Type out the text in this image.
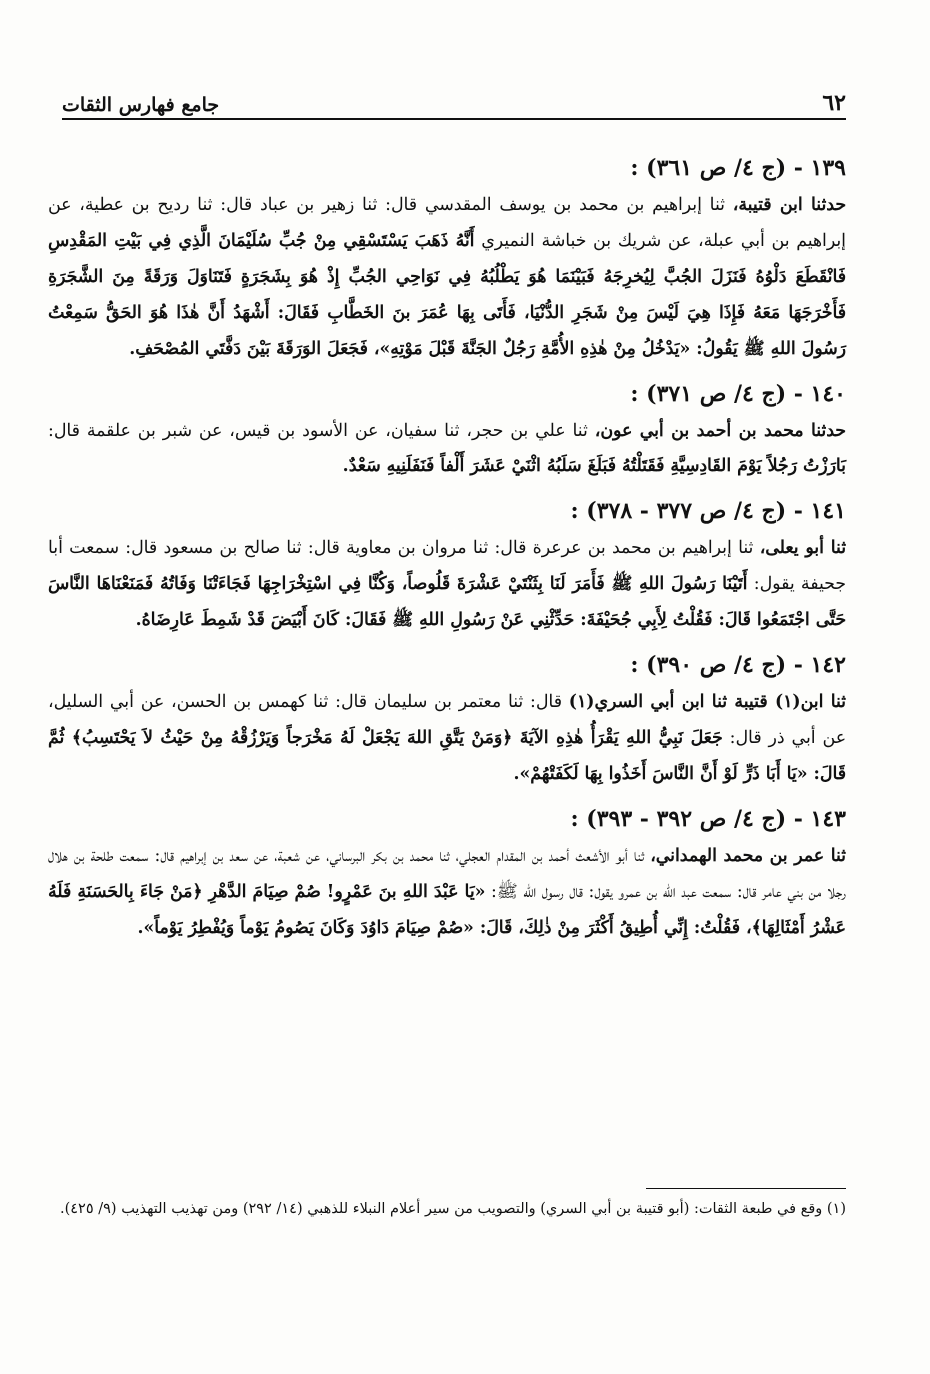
٦٢
جامع فهارس الثقات
١٣٩ - (ج ٤/ ص ٣٦١) :
حدثنا ابن قتيبة، ثنا إبراهيم بن محمد بن يوسف المقدسي قال: ثنا زهير بن عباد قال: ثنا رديح بن عطية، عن إبراهيم بن أبي عبلة، عن شريك بن خباشة النميري أَنَّهُ ذَهَبَ يَسْتَسْقِي مِنْ جُبِّ سُلَيْمَانَ الَّذِي فِي بَيْتِ المَقْدِسِ فَانْقَطَعَ دَلْوُهُ فَنَزَلَ الجُبَّ لِيُخرِجَهُ فَبَيْنَمَا هُوَ يَطْلُبُهُ فِي نَوَاحِي الجُبِّ إِذْ هُوَ بِشَجَرَةٍ فَتَنَاوَلَ وَرَقَةً مِنَ الشَّجَرَةِ فَأَخْرَجَهَا مَعَهُ فَإِذَا هِيَ لَيْسَ مِنْ شَجَرِ الدُّنْيَا، فَأَتَى بِهَا عُمَرَ بنَ الخَطَّابِ فَقَالَ: أَشْهَدُ أَنَّ هٰذَا هُوَ الحَقُّ سَمِعْتُ رَسُولَ اللهِ ﷺ يَقُولُ: «يَدْخُلُ مِنْ هٰذِهِ الأُمَّةِ رَجُلٌ الجَنَّةَ قَبْلَ مَوْتِهِ»، فَجَعَلَ الوَرَقَةَ بَيْنَ دَفَّتَي المُصْحَفِ.
١٤٠ - (ج ٤/ ص ٣٧١) :
حدثنا محمد بن أحمد بن أبي عون، ثنا علي بن حجر، ثنا سفيان، عن الأسود بن قيس، عن شبر بن علقمة قال: بَارَزْتُ رَجُلاً يَوْمَ القَادِسِيَّةِ فَقَتَلْتُهُ فَبَلَغَ سَلَبُهُ اثْنَيْ عَشَرَ أَلْفاً فَنَفَلَنِيهِ سَعْدٌ.
١٤١ - (ج ٤/ ص ٣٧٧ - ٣٧٨) :
ثنا أبو يعلى، ثنا إبراهيم بن محمد بن عرعرة قال: ثنا مروان بن معاوية قال: ثنا صالح بن مسعود قال: سمعت أبا جحيفة يقول: أَتَيْنَا رَسُولَ اللهِ ﷺ فَأَمَرَ لَنَا بِثَنْتَيْ عَشْرَةَ قَلُوصاً، وَكُنَّا فِي اسْتِخْرَاجِهَا فَجَاءَتْنَا وَفَاتُهُ فَمَنَعْنَاهَا النَّاسَ حَتَّى اجْتَمَعُوا قَالَ: فَقُلْتُ لِأَبِي جُحَيْفَةَ: حَدِّثْنِي عَنْ رَسُولِ اللهِ ﷺ فَقَالَ: كَانَ أَبْيَضَ قَدْ شَمِطَ عَارِضَاهُ.
١٤٢ - (ج ٤/ ص ٣٩٠) :
ثنا ابن(١) قتيبة ثنا ابن أبي السري(١) قال: ثنا معتمر بن سليمان قال: ثنا كهمس بن الحسن، عن أبي السليل، عن أبي ذر قال: جَعَلَ نَبِيُّ اللهِ يَقْرَأُ هٰذِهِ الآيَةَ ﴿وَمَنْ يَتَّقِ اللهَ يَجْعَلْ لَهُ مَخْرَجاً وَيَرْزُقْهُ مِنْ حَيْثُ لاَ يَحْتَسِبُ﴾ ثُمَّ قَالَ: «يَا أَبَا ذَرٍّ لَوْ أَنَّ النَّاسَ أَخَذُوا بِهَا لَكَفَتْهُمْ».
١٤٣ - (ج ٤/ ص ٣٩٢ - ٣٩٣) :
ثنا عمر بن محمد الهمداني، ثنا أبو الأشعث أحمد بن المقدام العجلي، ثنا محمد بن بكر البرساني، عن شعبة، عن سعد بن إبراهيم قال: سمعت طلحة بن هلال رجلا من بني عامر قال: سمعت عبد الله بن عمرو يقول: قال رسول الله ﷺ: «يَا عَبْدَ اللهِ بنَ عَمْرٍو! صُمْ صِيَامَ الدَّهْرِ ﴿مَنْ جَاءَ بِالحَسَنَةِ فَلَهُ عَشْرُ أَمْثَالِهَا﴾، فَقُلْتُ: إِنِّي أُطِيقُ أَكْثَرَ مِنْ ذٰلِكَ، قَالَ: «صُمْ صِيَامَ دَاوُدَ وَكَانَ يَصُومُ يَوْماً وَيُفْطِرُ يَوْماً».
(١) وقع في طبعة الثقات: (أبو قتيبة بن أبي السري) والتصويب من سير أعلام النبلاء للذهبي (١٤/ ٢٩٢) ومن تهذيب التهذيب (٩/ ٤٢٥).
